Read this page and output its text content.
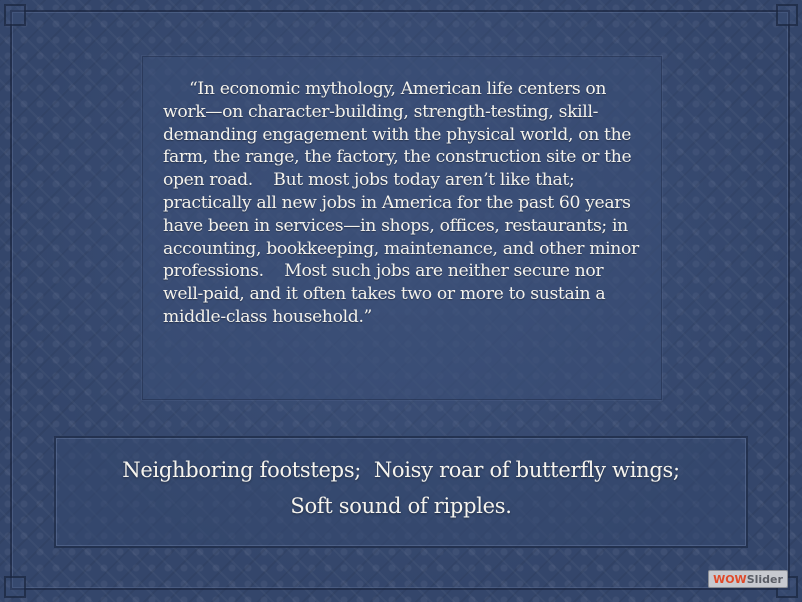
“In economic mythology, American life centers on work—on character-building, strength-testing, skill-demanding engagement with the physical world, on the farm, the range, the factory, the construction site or the open road.    But most jobs today aren’t like that; practically all new jobs in America for the past 60 years have been in services—in shops, offices, restaurants; in accounting, bookkeeping, maintenance, and other minor professions.    Most such jobs are neither secure nor well-paid, and it often takes two or more to sustain a middle-class household.”

Neighboring footsteps;  Noisy roar of butterfly wings;

Soft sound of ripples.

WOW Slider
